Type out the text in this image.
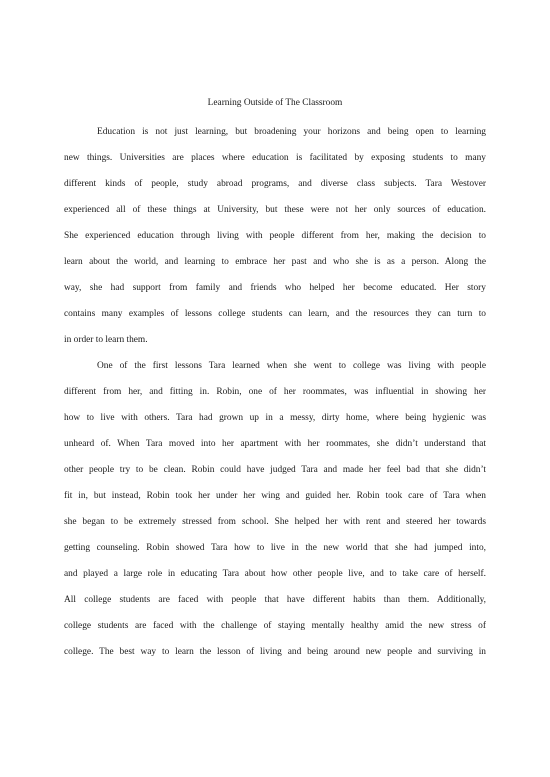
Learning Outside of The Classroom
Education is not just learning, but broadening your horizons and being open to learning
new things. Universities are places where education is facilitated by exposing students to many
different kinds of people, study abroad programs, and diverse class subjects. Tara Westover
experienced all of these things at University, but these were not her only sources of education.
She experienced education through living with people different from her, making the decision to
learn about the world, and learning to embrace her past and who she is as a person. Along the
way, she had support from family and friends who helped her become educated. Her story
contains many examples of lessons college students can learn, and the resources they can turn to
in order to learn them.
One of the first lessons Tara learned when she went to college was living with people
different from her, and fitting in. Robin, one of her roommates, was influential in showing her
how to live with others. Tara had grown up in a messy, dirty home, where being hygienic was
unheard of. When Tara moved into her apartment with her roommates, she didn’t understand that
other people try to be clean. Robin could have judged Tara and made her feel bad that she didn’t
fit in, but instead, Robin took her under her wing and guided her. Robin took care of Tara when
she began to be extremely stressed from school. She helped her with rent and steered her towards
getting counseling. Robin showed Tara how to live in the new world that she had jumped into,
and played a large role in educating Tara about how other people live, and to take care of herself.
All college students are faced with people that have different habits than them. Additionally,
college students are faced with the challenge of staying mentally healthy amid the new stress of
college. The best way to learn the lesson of living and being around new people and surviving in
